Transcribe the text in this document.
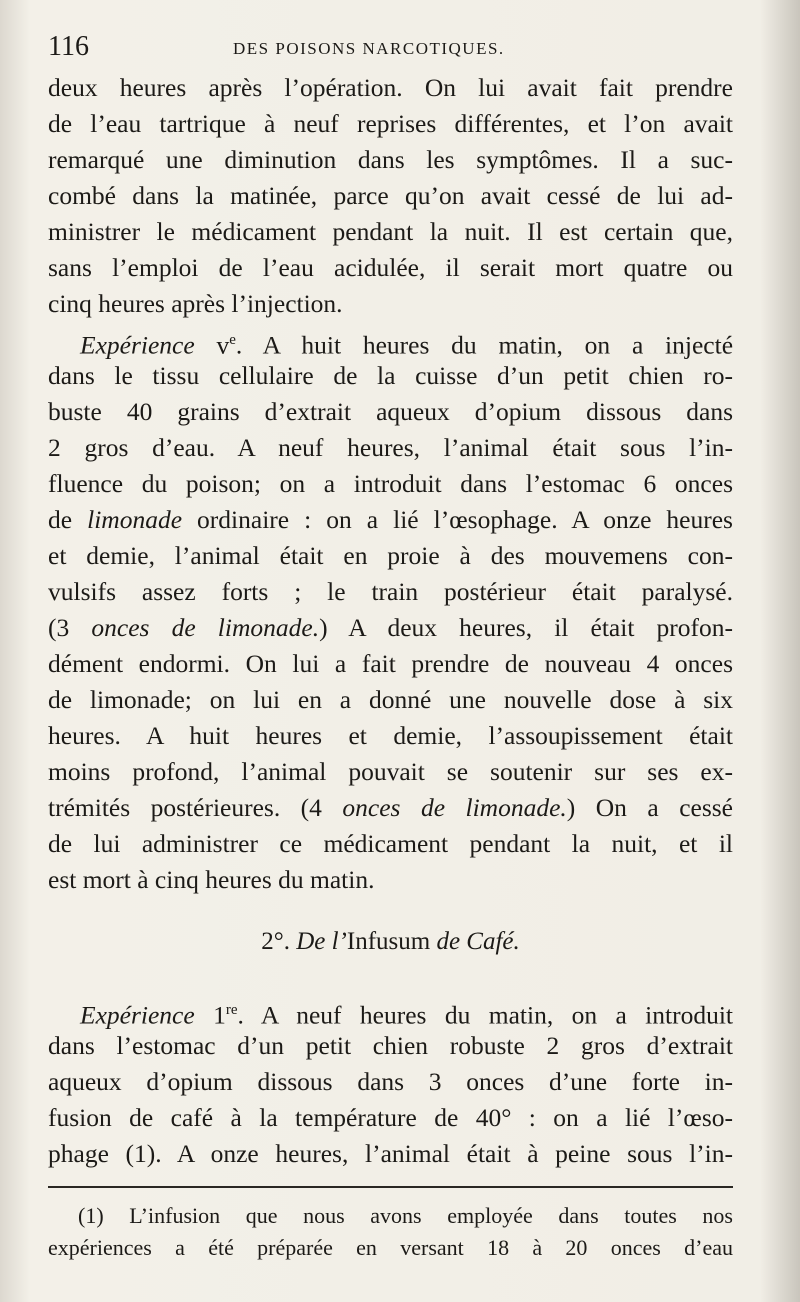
116	DES POISONS NARCOTIQUES.
deux heures après l’opération. On lui avait fait prendre
de l’eau tartrique à neuf reprises différentes, et l’on avait
remarqué une diminution dans les symptômes. Il a suc-
combé dans la matinée, parce qu’on avait cessé de lui ad-
ministrer le médicament pendant la nuit. Il est certain que,
sans l’emploi de l’eau acidulée, il serait mort quatre ou
cinq heures après l’injection.
Expérience $v^e$. A huit heures du matin, on a injecté
dans le tissu cellulaire de la cuisse d’un petit chien ro-
buste 40 grains d’extrait aqueux d’opium dissous dans
2 gros d’eau. A neuf heures, l’animal était sous l’in-
fluence du poison; on a introduit dans l’estomac 6 onces
de limonade ordinaire : on a lié l’œsophage. A onze heures
et demie, l’animal était en proie à des mouvemens con-
vulsifs assez forts ; le train postérieur était paralysé.
(3 onces de limonade.) A deux heures, il était profon-
dément endormi. On lui a fait prendre de nouveau 4 onces
de limonade; on lui en a donné une nouvelle dose à six
heures. A huit heures et demie, l’assoupissement était
moins profond, l’animal pouvait se soutenir sur ses ex-
trémités postérieures. (4 onces de limonade.) On a cessé
de lui administrer ce médicament pendant la nuit, et il
est mort à cinq heures du matin.
2°. De l’Infusum de Café.
Expérience 1re. A neuf heures du matin, on a introduit
dans l’estomac d’un petit chien robuste 2 gros d’extrait
aqueux d’opium dissous dans 3 onces d’une forte in-
fusion de café à la température de 40° : on a lié l’œso-
phage (1). A onze heures, l’animal était à peine sous l’in-
(1) L’infusion que nous avons employée dans toutes nos
expériences a été préparée en versant 18 à 20 onces d’eau
